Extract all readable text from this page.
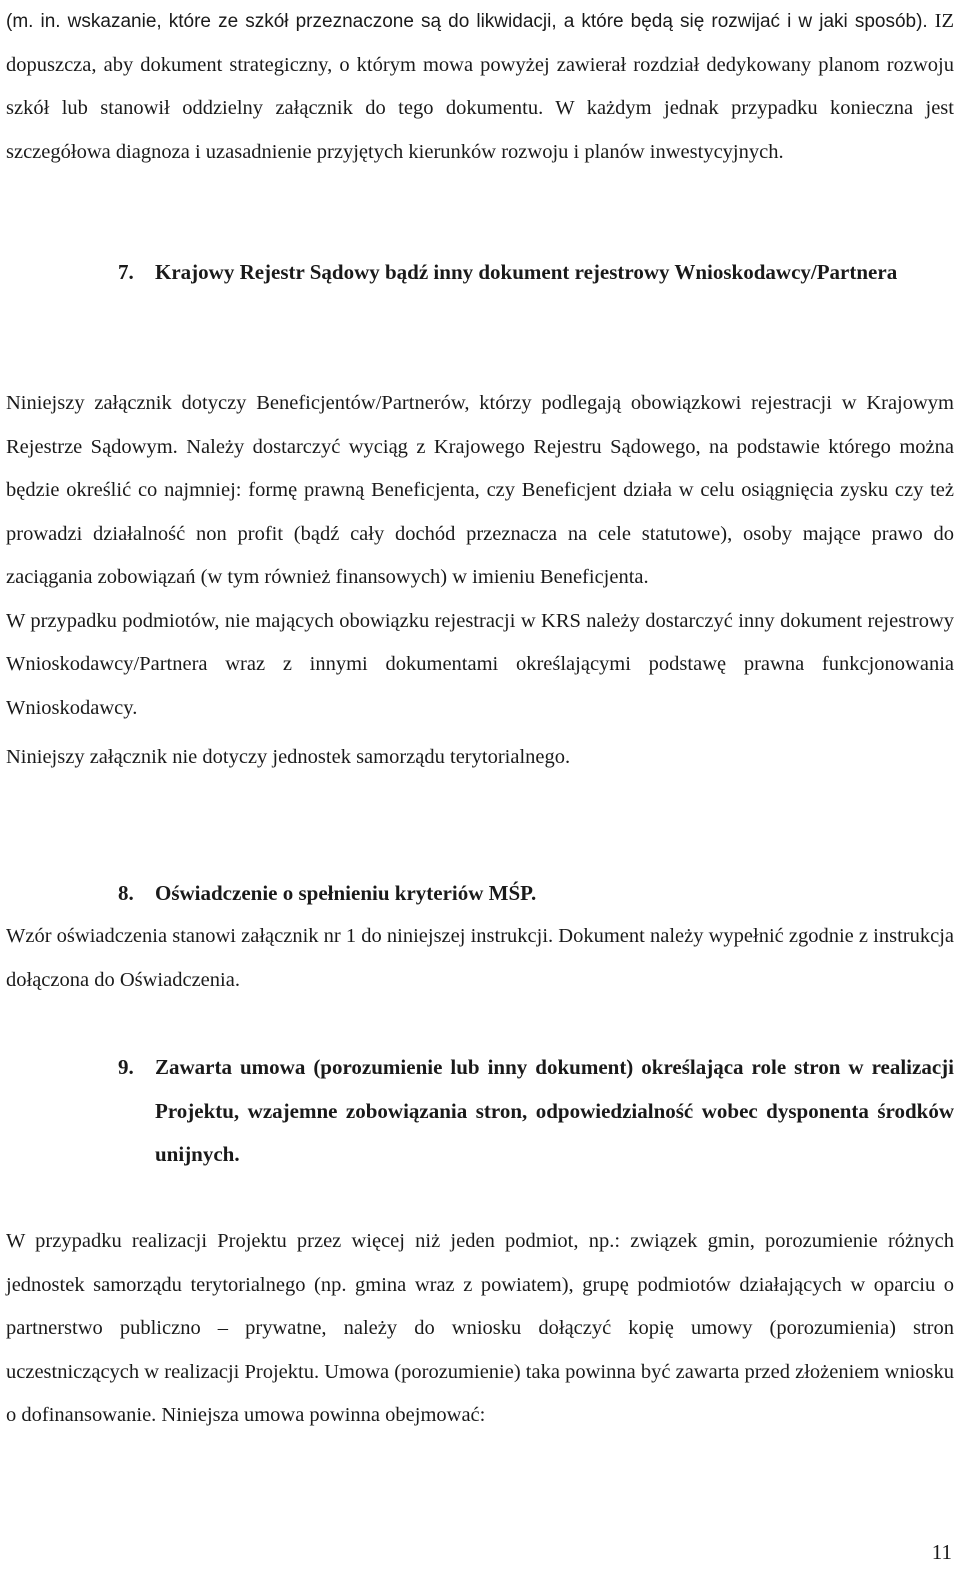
(m. in. wskazanie, które ze szkół przeznaczone są do likwidacji, a które będą się rozwijać i w jaki sposób). IZ dopuszcza, aby dokument strategiczny, o którym mowa powyżej zawierał rozdział dedykowany planom rozwoju szkół lub stanowił oddzielny załącznik do tego dokumentu. W każdym jednak przypadku konieczna jest szczegółowa diagnoza i uzasadnienie przyjętych kierunków rozwoju i planów inwestycyjnych.

7.	Krajowy Rejestr Sądowy bądź inny dokument rejestrowy Wnioskodawcy/Partnera

Niniejszy załącznik dotyczy Beneficjentów/Partnerów, którzy podlegają obowiązkowi rejestracji w Krajowym Rejestrze Sądowym. Należy dostarczyć wyciąg z Krajowego Rejestru Sądowego, na podstawie którego można będzie określić co najmniej: formę prawną Beneficjenta, czy Beneficjent działa w celu osiągnięcia zysku czy też prowadzi działalność non profit (bądź cały dochód przeznacza na cele statutowe), osoby mające prawo do zaciągania zobowiązań (w tym również finansowych) w imieniu Beneficjenta.

W przypadku podmiotów, nie mających obowiązku rejestracji w KRS należy dostarczyć inny dokument rejestrowy Wnioskodawcy/Partnera wraz z innymi dokumentami określającymi podstawę prawna funkcjonowania Wnioskodawcy.

Niniejszy załącznik nie dotyczy jednostek samorządu terytorialnego.

8.	Oświadczenie o spełnieniu kryteriów MŚP.

Wzór oświadczenia stanowi załącznik nr 1 do niniejszej instrukcji. Dokument należy wypełnić zgodnie z instrukcja dołączona do Oświadczenia.

9.	Zawarta umowa (porozumienie lub inny dokument) określająca role stron w realizacji Projektu, wzajemne zobowiązania stron, odpowiedzialność wobec dysponenta środków unijnych.

W przypadku realizacji Projektu przez więcej niż jeden podmiot, np.: związek gmin, porozumienie różnych jednostek samorządu terytorialnego (np. gmina wraz z powiatem), grupę podmiotów działających w oparciu o partnerstwo publiczno – prywatne, należy do wniosku dołączyć kopię umowy (porozumienia) stron uczestniczących w realizacji Projektu. Umowa (porozumienie) taka powinna być zawarta przed złożeniem wniosku o dofinansowanie. Niniejsza umowa powinna obejmować:

11
